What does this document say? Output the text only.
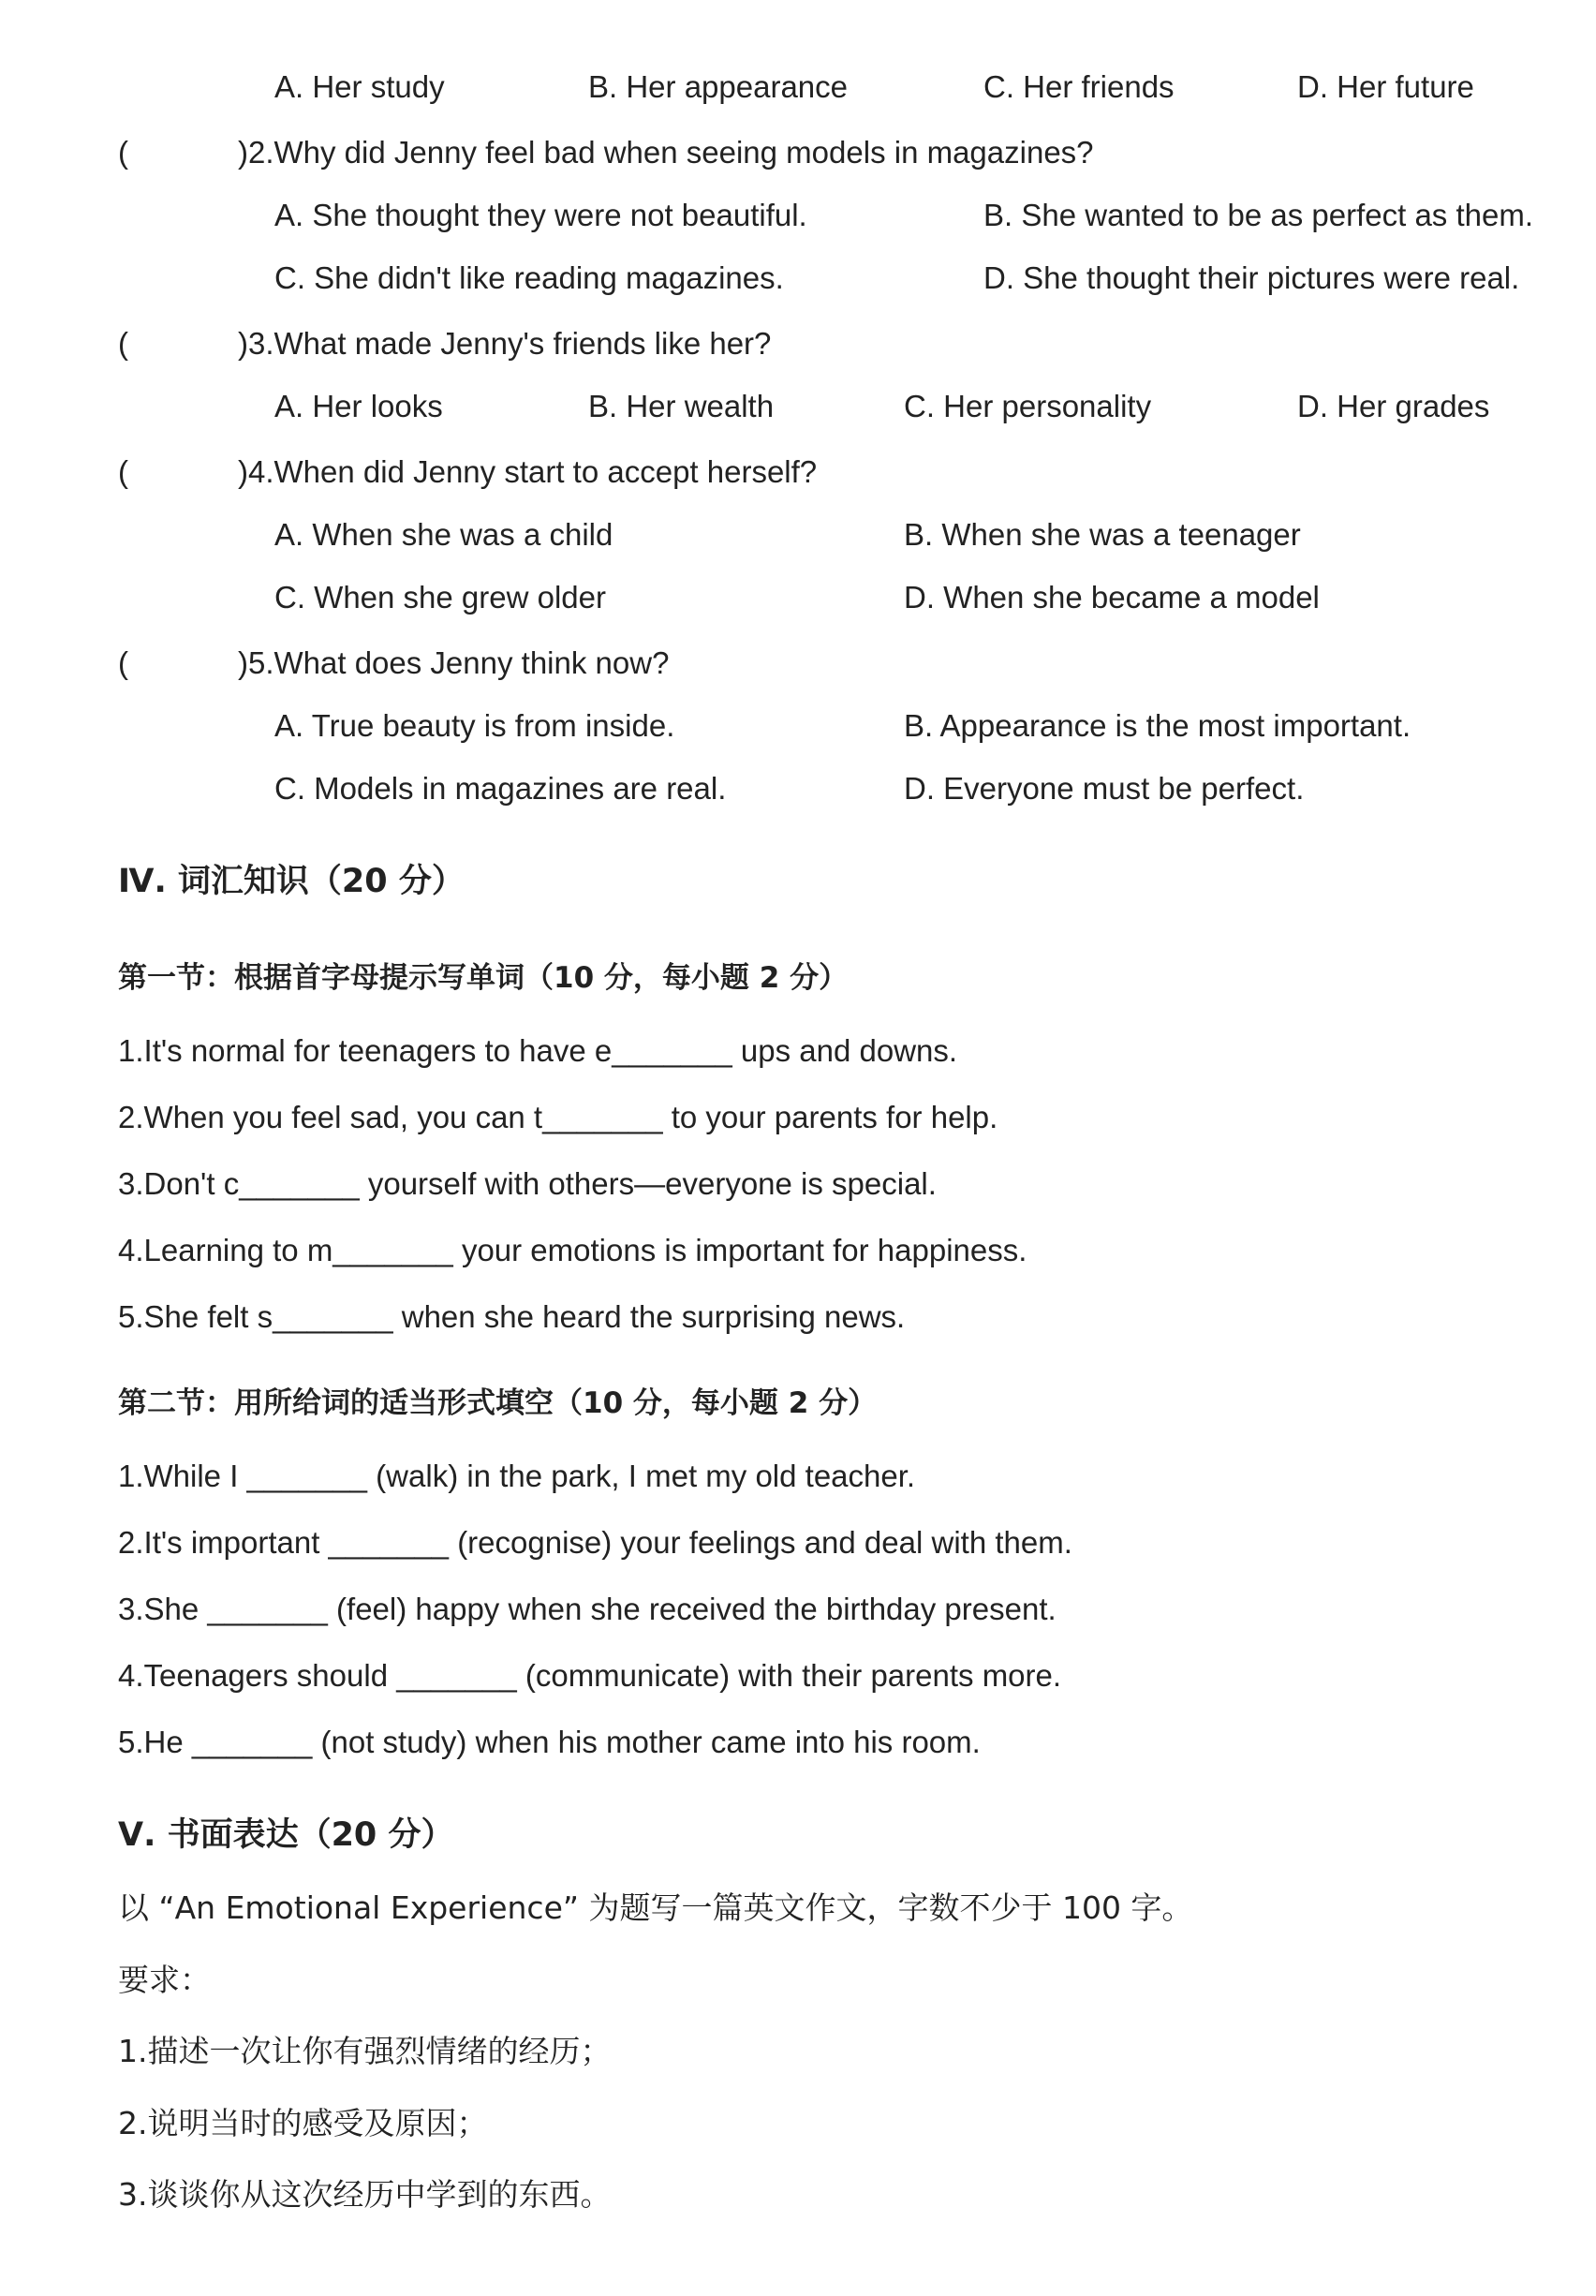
A. Her study	B. Her appearance	C. Her friends	D. Her future
(	)2.Why did Jenny feel bad when seeing models in magazines?
A. She thought they were not beautiful.	B. She wanted to be as perfect as them.
C. She didn't like reading magazines.	D. She thought their pictures were real.
(	)3.What made Jenny's friends like her?
A. Her looks	B. Her wealth	C. Her personality	D. Her grades
(	)4.When did Jenny start to accept herself?
A. When she was a child	B. When she was a teenager
C. When she grew older	D. When she became a model
(	)5.What does Jenny think now?
A. True beauty is from inside.	B. Appearance is the most important.
C. Models in magazines are real.	D. Everyone must be perfect.
Ⅳ. 词汇知识（20 分）
第一节：根据首字母提示写单词（10 分，每小题 2 分）
1.It's normal for teenagers to have e_______ ups and downs.
2.When you feel sad, you can t_______ to your parents for help.
3.Don't c_______ yourself with others—everyone is special.
4.Learning to m_______ your emotions is important for happiness.
5.She felt s_______ when she heard the surprising news.
第二节：用所给词的适当形式填空（10 分，每小题 2 分）
1.While I _______ (walk) in the park, I met my old teacher.
2.It's important _______ (recognise) your feelings and deal with them.
3.She _______ (feel) happy when she received the birthday present.
4.Teenagers should _______ (communicate) with their parents more.
5.He _______ (not study) when his mother came into his room.
Ⅴ. 书面表达（20 分）
以 “An Emotional Experience” 为题写一篇英文作文，字数不少于 100 字。
要求：
1.描述一次让你有强烈情绪的经历；
2.说明当时的感受及原因；
3.谈谈你从这次经历中学到的东西。
